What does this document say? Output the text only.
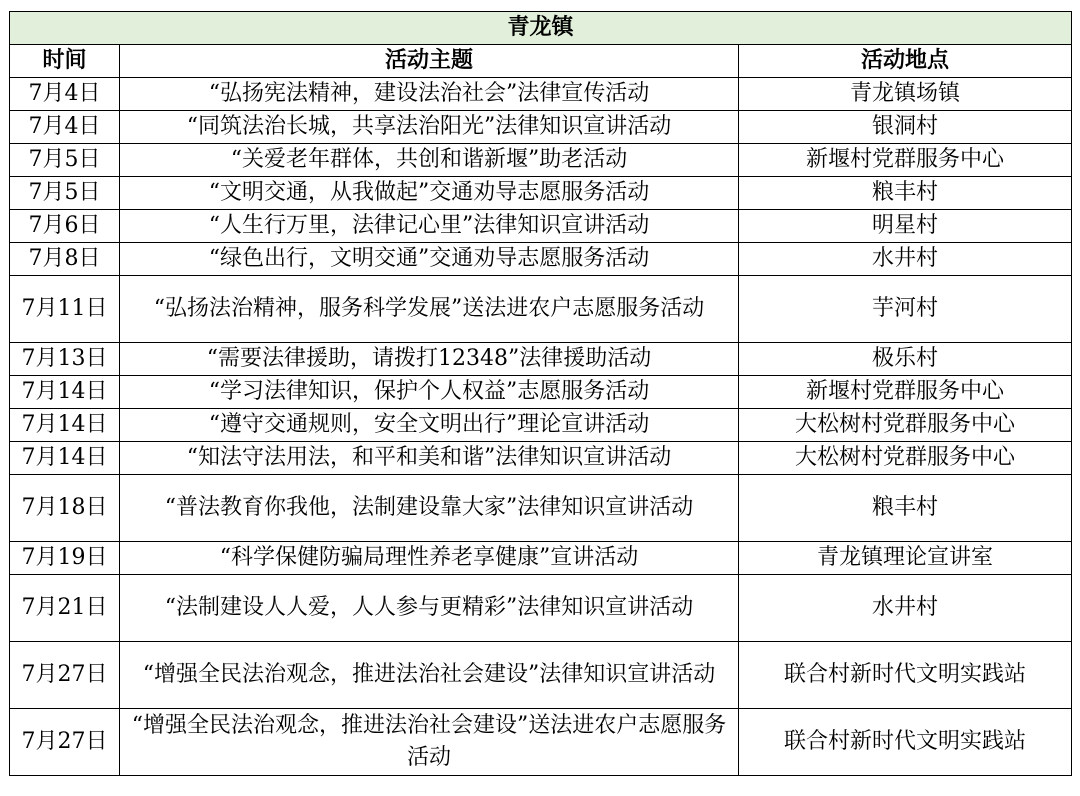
青龙镇		
时间	活动主题	活动地点
7月4日	“弘扬宪法精神，建设法治社会”法律宣传活动	青龙镇场镇
7月4日	“同筑法治长城，共享法治阳光”法律知识宣讲活动	银洞村
7月5日	“关爱老年群体，共创和谐新堰”助老活动	新堰村党群服务中心
7月5日	“文明交通，从我做起”交通劝导志愿服务活动	粮丰村
7月6日	“人生行万里，法律记心里”法律知识宣讲活动	明星村
7月8日	“绿色出行，文明交通”交通劝导志愿服务活动	水井村
7月11日	“弘扬法治精神，服务科学发展”送法进农户志愿服务活动	芋河村
7月13日	“需要法律援助，请拨打12348”法律援助活动	极乐村
7月14日	“学习法律知识，保护个人权益”志愿服务活动	新堰村党群服务中心
7月14日	“遵守交通规则，安全文明出行”理论宣讲活动	大松树村党群服务中心
7月14日	“知法守法用法，和平和美和谐”法律知识宣讲活动	大松树村党群服务中心
7月18日	“普法教育你我他，法制建设靠大家”法律知识宣讲活动	粮丰村
7月19日	“科学保健防骗局理性养老享健康”宣讲活动	青龙镇理论宣讲室
7月21日	“法制建设人人爱，人人参与更精彩”法律知识宣讲活动	水井村
7月27日	“增强全民法治观念，推进法治社会建设”法律知识宣讲活动	联合村新时代文明实践站
7月27日	“增强全民法治观念，推进法治社会建设”送法进农户志愿服务活动	联合村新时代文明实践站
